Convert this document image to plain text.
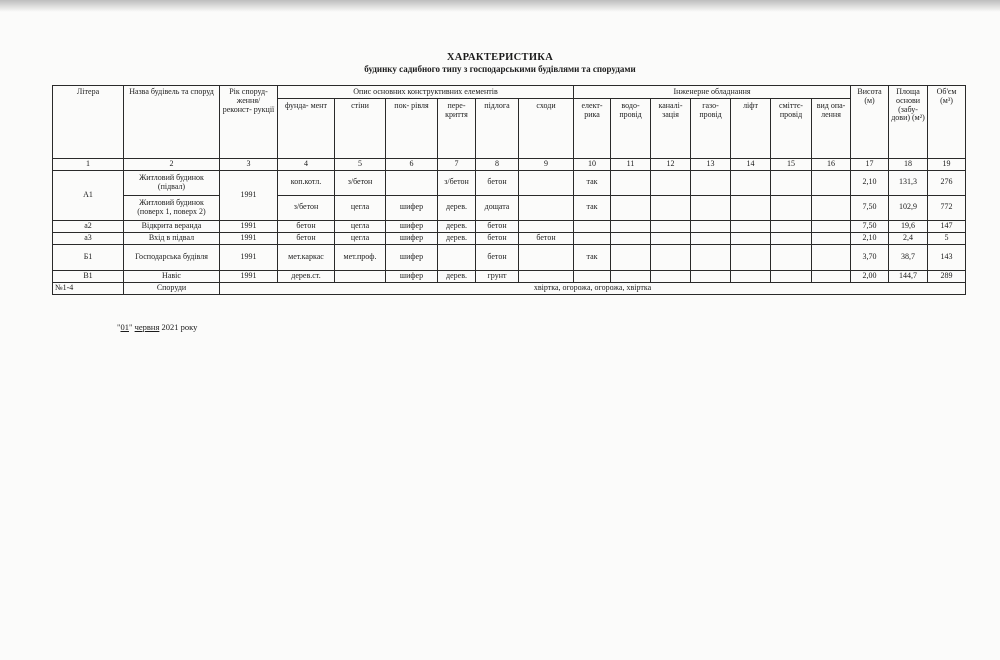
ХАРАКТЕРИСТИКА
будинку садибного типу з господарськими будівлями та спорудами
Літера	Назва будівель та споруд	Рік споруд- ження/ реконст- рукції	Опис основних конструктивних елементів						Інженерне обладнання							Висота (м)	Площа основи (забу- дови) (м²)	Об'єм (м³)
			фунда- мент	стіни	пок- рівля	пере- криття	підлога	сходи	елект- рика	водо- провід	каналі- зація	газо- провід	ліфт	сміттє- провід	вид опа- лення			
1	2	3	4	5	6	7	8	9	10	11	12	13	14	15	16	17	18	19
А1	Житловий будинок (підвал)	1991	коп.котл.	з/бетон		з/бетон	бетон		так							2,10	131,3	276
	Житловий будинок (поверх 1, поверх 2)		з/бетон	цегла	шифер	дерев.	дощата		так							7,50	102,9	772
а2	Відкрита веранда	1991	бетон	цегла	шифер	дерев.	бетон									7,50	19,6	147
а3	Вхід в підвал	1991	бетон	цегла	шифер	дерев.	бетон	бетон								2,10	2,4	5
Б1	Господарська будівля	1991	мет.каркас	мет.проф.	шифер		бетон		так							3,70	38,7	143
В1	Навіс	1991	дерев.ст.		шифер	дерев.	грунт									2,00	144,7	289
№1-4	Споруди	хвіртка, огорожа, огорожа, хвіртка																
"01" червня 2021 року
